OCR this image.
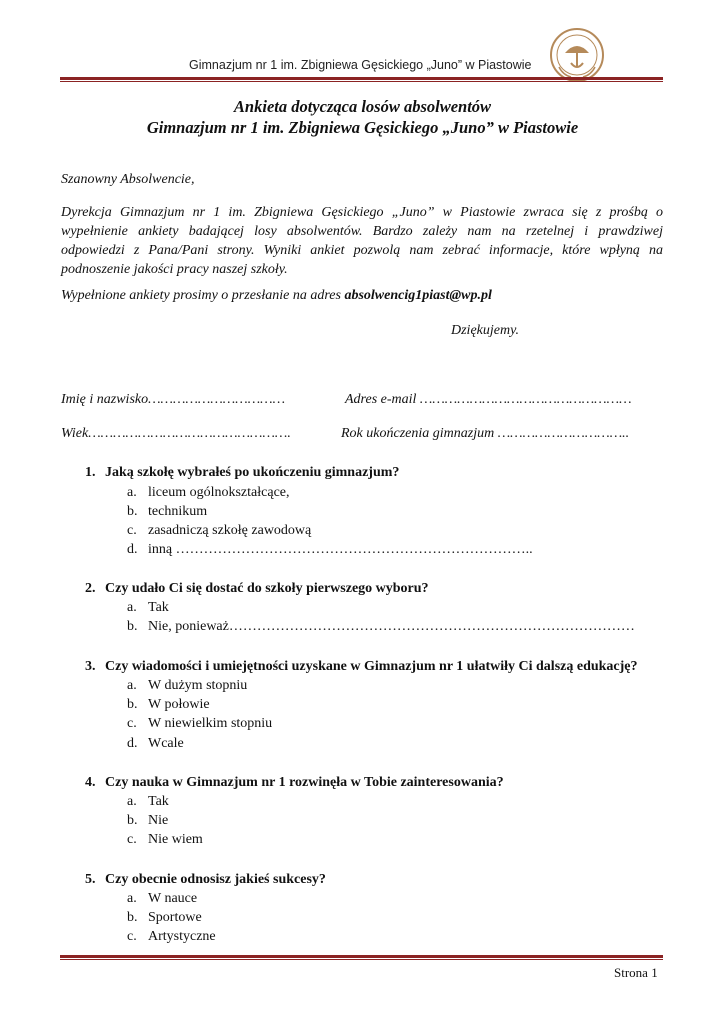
Gimnazjum nr 1 im. Zbigniewa Gęsickiego „Juno” w Piastowie
Ankieta dotycząca losów absolwentów
Gimnazjum nr 1 im. Zbigniewa Gęsickiego „Juno” w Piastowie
Szanowny Absolwencie,
Dyrekcja Gimnazjum nr 1 im. Zbigniewa Gęsickiego „Juno” w Piastowie zwraca się z prośbą o
wypełnienie ankiety badającej losy absolwentów. Bardzo zależy nam na rzetelnej i prawdziwej
odpowiedzi z Pana/Pani strony. Wyniki ankiet pozwolą nam zebrać informacje, które wpłyną na
podnoszenie jakości pracy naszej szkoły.
Wypełnione ankiety prosimy o przesłanie na adres absolwencig1piast@wp.pl
Dziękujemy.
Imię i nazwisko……………………………	Adres e-mail ……………………………………………
Wiek………………………………………….	Rok ukończenia gimnazjum …………………………..
1. Jaką szkołę wybrałeś po ukończeniu gimnazjum?
a. liceum ogólnokształcące,
b. technikum
c. zasadniczą szkołę zawodową
d. inną …………………………………………………………………..
2. Czy udało Ci się dostać do szkoły pierwszego wyboru?
a. Tak
b. Nie, ponieważ……………………………………………………………………………
3. Czy wiadomości i umiejętności uzyskane w Gimnazjum nr 1 ułatwiły Ci dalszą edukację?
a. W dużym stopniu
b. W połowie
c. W niewielkim stopniu
d. Wcale
4. Czy nauka w Gimnazjum nr 1 rozwinęła w Tobie zainteresowania?
a. Tak
b. Nie
c. Nie wiem
5. Czy obecnie odnosisz jakieś sukcesy?
a. W nauce
b. Sportowe
c. Artystyczne
Strona 1
